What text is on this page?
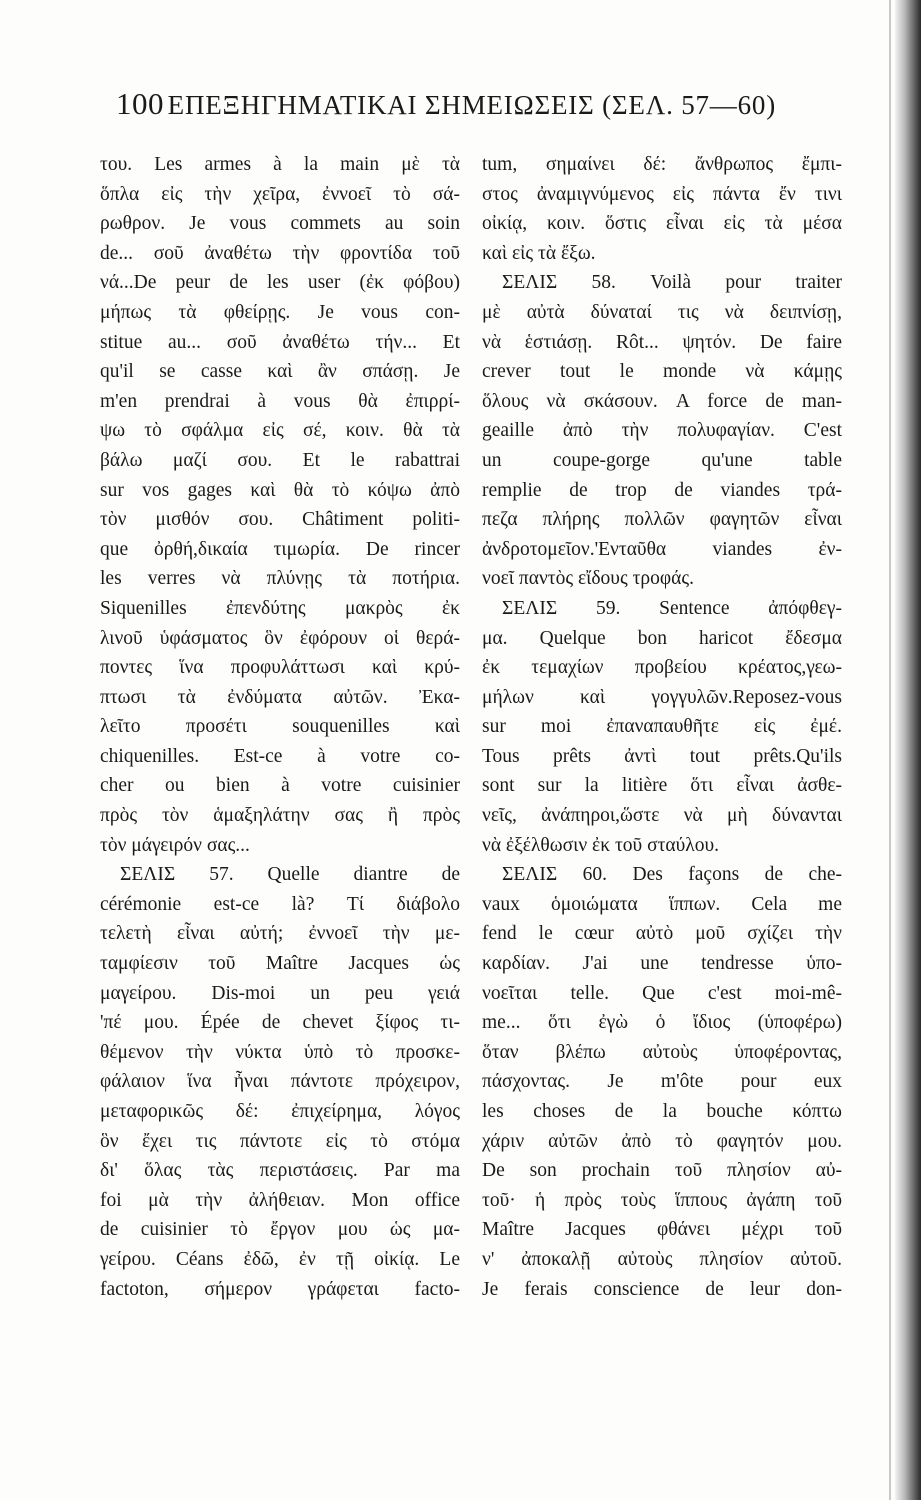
100 ΕΠΕΞΗΓΗΜΑΤΙΚΑΙ ΣΗΜΕΙΩΣΕΙΣ (ΣΕΛ. 57—60)
του. Les armes à la main μὲ τὰ
ὅπλα εἰς τὴν χεῖρα, ἐννοεῖ τὸ σά-
ρωθρον. Je vous commets au soin
de... σοῦ ἀναθέτω τὴν φροντίδα τοῦ
νά...De peur de les user (ἐκ φόβου)
μήπως τὰ φθείρῃς. Je vous con-
stitue au... σοῦ ἀναθέτω τήν... Et
qu'il se casse καὶ ἂν σπάσῃ. Je
m'en prendrai à vous θὰ ἐπιρρί-
ψω τὸ σφάλμα εἰς σέ, κοιν. θὰ τὰ
βάλω μαζί σου. Et le rabattrai
sur vos gages καὶ θὰ τὸ κόψω ἀπὸ
τὸν μισθόν σου. Châtiment politi-
que ὀρθή,δικαία τιμωρία. De rincer
les verres νὰ πλύνῃς τὰ ποτήρια.
Siquenilles ἐπενδύτης μακρὸς ἐκ
λινοῦ ὑφάσματος ὃν ἐφόρουν οἱ θερά-
ποντες ἵνα προφυλάττωσι καὶ κρύ-
πτωσι τὰ ἐνδύματα αὐτῶν. Ἐκα-
λεῖτο προσέτι souquenilles καὶ
chiquenilles. Est-ce à votre co-
cher ou bien à votre cuisinier
πρὸς τὸν ἁμαξηλάτην σας ἢ πρὸς
τὸν μάγειρόν σας...
ΣΕΛΙΣ 57. Quelle diantre de
cérémonie est-ce là? Τί διάβολο
τελετὴ εἶναι αὐτή; ἐννοεῖ τὴν με-
ταμφίεσιν τοῦ Maître Jacques ὡς
μαγείρου. Dis-moi un peu γειά
'πέ μου. Épée de chevet ξίφος τι-
θέμενον τὴν νύκτα ὑπὸ τὸ προσκε-
φάλαιον ἵνα ἦναι πάντοτε πρόχειρον,
μεταφορικῶς δέ: ἐπιχείρημα, λόγος
ὃν ἔχει τις πάντοτε εἰς τὸ στόμα
δι' ὅλας τὰς περιστάσεις. Par ma
foi μὰ τὴν ἀλήθειαν. Mon office
de cuisinier τὸ ἔργον μου ὡς μα-
γείρου. Céans ἐδῶ, ἐν τῇ οἰκίᾳ. Le
factoton, σήμερον γράφεται facto-
tum, σημαίνει δέ: ἄνθρωπος ἔμπι-
στος ἀναμιγνύμενος εἰς πάντα ἔν τινι
οἰκίᾳ, κοιν. ὅστις εἶναι εἰς τὰ μέσα
καὶ εἰς τὰ ἔξω.
ΣΕΛΙΣ 58. Voilà pour traiter
μὲ αὐτὰ δύναταί τις νὰ δειπνίσῃ,
νὰ ἑστιάσῃ. Rôt... ψητόν. De faire
crever tout le monde νὰ κάμῃς
ὅλους νὰ σκάσουν. A force de man-
geaille ἀπὸ τὴν πολυφαγίαν. C'est
un coupe-gorge qu'une table
remplie de trop de viandes τρά-
πεζα πλήρης πολλῶν φαγητῶν εἶναι
ἀνδροτομεῖον.'Ενταῦθα viandes ἐν-
νοεῖ παντὸς εἴδους τροφάς.
ΣΕΛΙΣ 59. Sentence ἀπόφθεγ-
μα. Quelque bon haricot ἔδεσμα
ἐκ τεμαχίων προβείου κρέατος,γεω-
μήλων καὶ γογγυλῶν.Reposez-vous
sur moi ἐπαναπαυθῆτε εἰς ἐμέ.
Tous prêts ἀντὶ tout prêts.Qu'ils
sont sur la litière ὅτι εἶναι ἀσθε-
νεῖς, ἀνάπηροι,ὥστε νὰ μὴ δύνανται
νὰ ἐξέλθωσιν ἐκ τοῦ σταύλου.
ΣΕΛΙΣ 60. Des façons de che-
vaux ὁμοιώματα ἵππων. Cela me
fend le cœur αὐτὸ μοῦ σχίζει τὴν
καρδίαν. J'ai une tendresse ὑπο-
νοεῖται telle. Que c'est moi-mê-
me... ὅτι ἐγὼ ὁ ἴδιος (ὑποφέρω)
ὅταν βλέπω αὐτοὺς ὑποφέροντας,
πάσχοντας. Je m'ôte pour eux
les choses de la bouche κόπτω
χάριν αὐτῶν ἀπὸ τὸ φαγητόν μου.
De son prochain τοῦ πλησίον αὐ-
τοῦ· ἡ πρὸς τοὺς ἵππους ἀγάπη τοῦ
Maître Jacques φθάνει μέχρι τοῦ
ν' ἀποκαλῇ αὐτοὺς πλησίον αὐτοῦ.
Je ferais conscience de leur don-
